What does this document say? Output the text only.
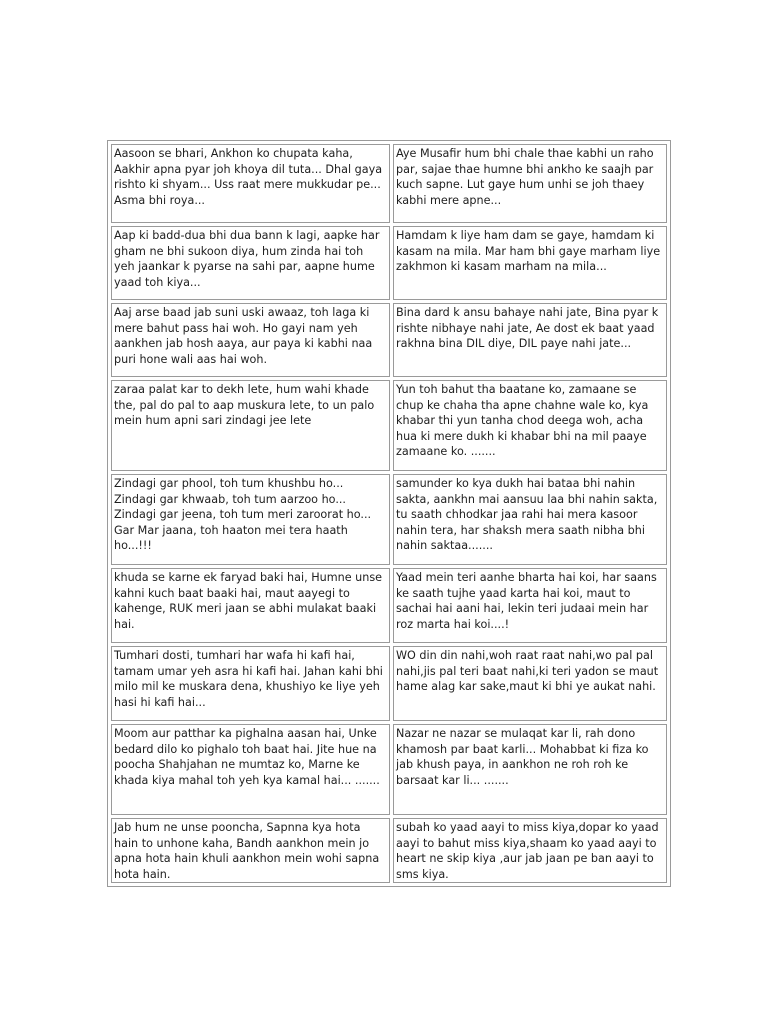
Aasoon se bhari, Ankhon ko chupata kaha, Aakhir apna pyar joh khoya dil tuta... Dhal gaya rishto ki shyam... Uss raat mere mukkudar pe... Asma bhi roya...	Aye Musafir hum bhi chale thae kabhi un raho par, sajae thae humne bhi ankho ke saajh par kuch sapne. Lut gaye hum unhi se joh thaey kabhi mere apne...
Aap ki badd-dua bhi dua bann k lagi, aapke har gham ne bhi sukoon diya, hum zinda hai toh yeh jaankar k pyarse na sahi par, aapne hume yaad toh kiya...	Hamdam k liye ham dam se gaye, hamdam ki kasam na mila. Mar ham bhi gaye marham liye zakhmon ki kasam marham na mila...
Aaj arse baad jab suni uski awaaz, toh laga ki mere bahut pass hai woh. Ho gayi nam yeh aankhen jab hosh aaya, aur paya ki kabhi naa puri hone wali aas hai woh.	Bina dard k ansu bahaye nahi jate, Bina pyar k rishte nibhaye nahi jate, Ae dost ek baat yaad rakhna bina DIL diye, DIL paye nahi jate...
zaraa palat kar to dekh lete, hum wahi khade the, pal do pal to aap muskura lete, to un palo mein hum apni sari zindagi jee lete	Yun toh bahut tha baatane ko, zamaane se chup ke chaha tha apne chahne wale ko, kya khabar thi yun tanha chod deega woh, acha hua ki mere dukh ki khabar bhi na mil paaye zamaane ko. .......
Zindagi gar phool, toh tum khushbu ho... Zindagi gar khwaab, toh tum aarzoo ho... Zindagi gar jeena, toh tum meri zaroorat ho... Gar Mar jaana, toh haaton mei tera haath ho...!!!	samunder ko kya dukh hai bataa bhi nahin sakta, aankhn mai aansuu laa bhi nahin sakta, tu saath chhodkar jaa rahi hai mera kasoor nahin tera, har shaksh mera saath nibha bhi nahin saktaa.......
khuda se karne ek faryad baki hai, Humne unse kahni kuch baat baaki hai, maut aayegi to kahenge, RUK meri jaan se abhi mulakat baaki hai.	Yaad mein teri aanhe bharta hai koi, har saans ke saath tujhe yaad karta hai koi, maut to sachai hai aani hai, lekin teri judaai mein har roz marta hai koi....!
Tumhari dosti, tumhari har wafa hi kafi hai, tamam umar yeh asra hi kafi hai. Jahan kahi bhi milo mil ke muskara dena, khushiyo ke liye yeh hasi hi kafi hai...	WO din din nahi,woh raat raat nahi,wo pal pal nahi,jis pal teri baat nahi,ki teri yadon se maut hame alag kar sake,maut ki bhi ye aukat nahi.
Moom aur patthar ka pighalna aasan hai, Unke bedard dilo ko pighalo toh baat hai. Jite hue na poocha Shahjahan ne mumtaz ko, Marne ke khada kiya mahal toh yeh kya kamal hai... .......	Nazar ne nazar se mulaqat kar li, rah dono khamosh par baat karli... Mohabbat ki fiza ko jab khush paya, in aankhon ne roh roh ke barsaat kar li... .......
Jab hum ne unse pooncha, Sapnna kya hota hain to unhone kaha, Bandh aankhon mein jo apna hota hain khuli aankhon mein wohi sapna hota hain.	subah ko yaad aayi to miss kiya,dopar ko yaad aayi to bahut miss kiya,shaam ko yaad aayi to heart ne skip kiya ,aur jab jaan pe ban aayi to sms kiya.
